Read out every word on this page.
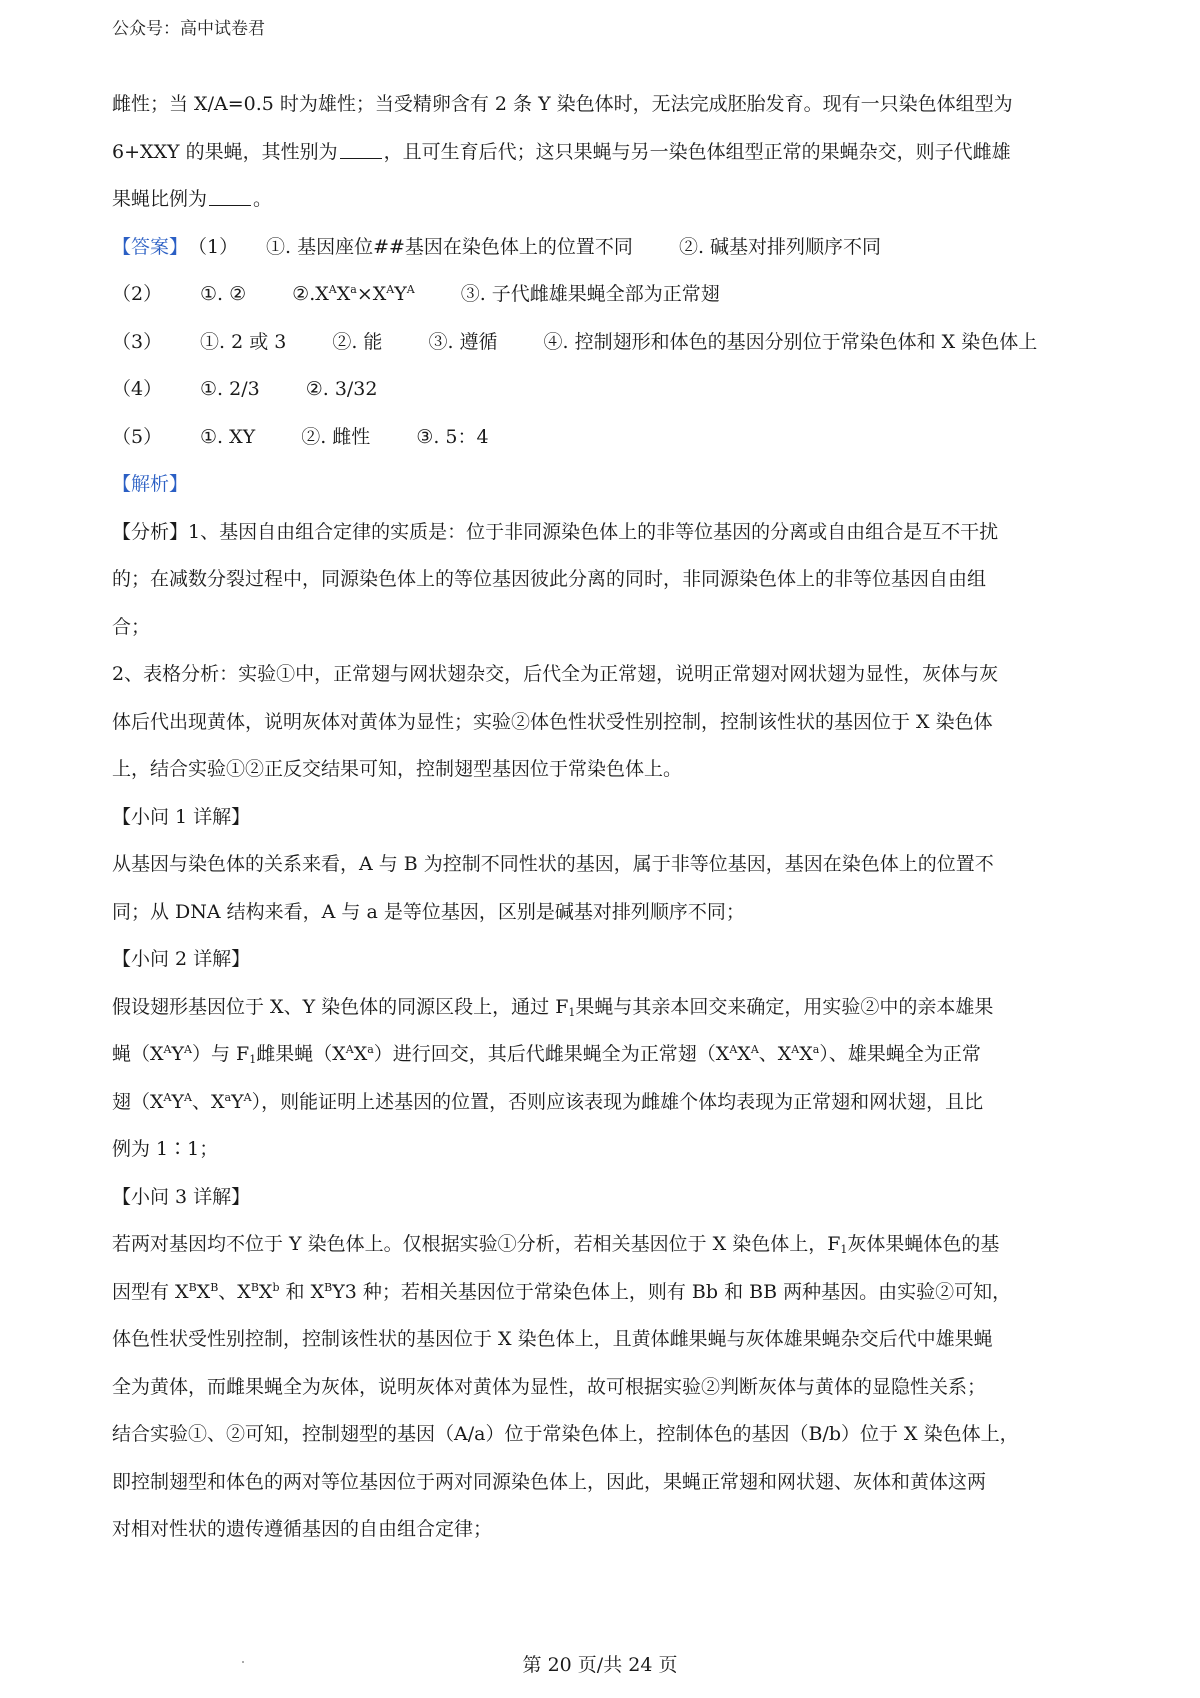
公众号：高中试卷君
雌性；当 X/A=0.5 时为雄性；当受精卵含有 2 条 Y 染色体时，无法完成胚胎发育。现有一只染色体组型为
6+XXY 的果蝇，其性别为 ，且可生育后代；这只果蝇与另一染色体组型正常的果蝇杂交，则子代雌雄
果蝇比例为 。
【答案】（1） ①. 基因座位##基因在染色体上的位置不同 ②. 碱基对排列顺序不同
（2） ①. ② $②.X^AX^a\times X^AY^A$ ③. 子代雌雄果蝇全部为正常翅
（3） ①. 2 或 3 ②. 能 ③. 遵循 ④. 控制翅形和体色的基因分别位于常染色体和 X 染色体上
（4） ①. 2/3 ②. 3/32
（5） ①. XY ②. 雌性 ③. 5：4
【解析】
【分析】1、基因自由组合定律的实质是：位于非同源染色体上的非等位基因的分离或自由组合是互不干扰
的；在减数分裂过程中，同源染色体上的等位基因彼此分离的同时，非同源染色体上的非等位基因自由组
合；
2、表格分析：实验①中，正常翅与网状翅杂交，后代全为正常翅，说明正常翅对网状翅为显性，灰体与灰
体后代出现黄体，说明灰体对黄体为显性；实验②体色性状受性别控制，控制该性状的基因位于 X 染色体
上，结合实验①②正反交结果可知，控制翅型基因位于常染色体上。
【小问 1 详解】
从基因与染色体的关系来看，A 与 B 为控制不同性状的基因，属于非等位基因，基因在染色体上的位置不
同；从 DNA 结构来看，A 与 a 是等位基因，区别是碱基对排列顺序不同；
【小问 2 详解】
假设翅形基因位于 X、Y 染色体的同源区段上，通过 $F_1$果蝇与其亲本回交来确定，用实验②中的亲本雄果
蝇$(X^AY^A)$与 $F_1$雌果蝇$(X^AX^a)$进行回交，其后代雌果蝇全为正常翅（$X^AX^A$、$X^AX^a$）、雄果蝇全为正常
翅（$X^AY^A$、$X^aY^A$），则能证明上述基因的位置，否则应该表现为雌雄个体均表现为正常翅和网状翅，且比
例为 1∶1；
【小问 3 详解】
若两对基因均不位于 Y 染色体上。仅根据实验①分析，若相关基因位于 X 染色体上，$F_1$灰体果蝇体色的基
因型有 $X^BX^B$、$X^BX^b$ 和 $X^BY3$ 种；若相关基因位于常染色体上，则有 Bb 和 BB 两种基因。由实验②可知，
体色性状受性别控制，控制该性状的基因位于 X 染色体上，且黄体雌果蝇与灰体雄果蝇杂交后代中雄果蝇
全为黄体，而雌果蝇全为灰体，说明灰体对黄体为显性，故可根据实验②判断灰体与黄体的显隐性关系；
结合实验①、②可知，控制翅型的基因（A/a）位于常染色体上，控制体色的基因（B/b）位于 X 染色体上，
即控制翅型和体色的两对等位基因位于两对同源染色体上，因此，果蝇正常翅和网状翅、灰体和黄体这两
对相对性状的遗传遵循基因的自由组合定律；
第 20 页/共 24 页
